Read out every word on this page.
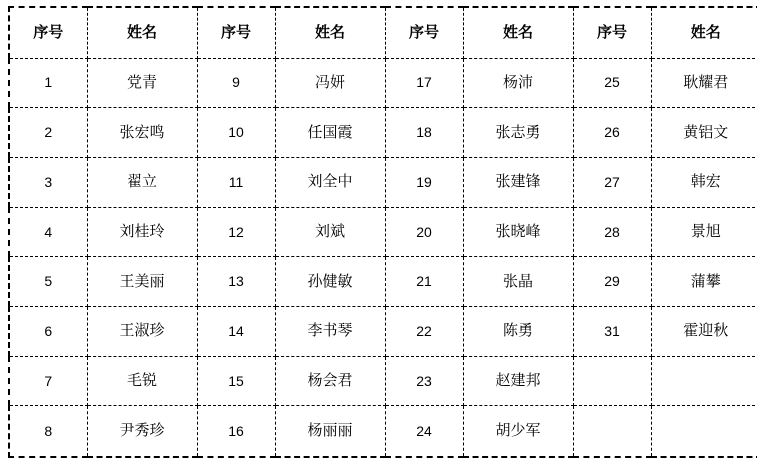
序号	姓名	序号	姓名	序号	姓名	序号	姓名
1	党青	9	冯妍	17	杨沛	25	耿耀君
2	张宏鸣	10	任国霞	18	张志勇	26	黄铝文
3	翟立	11	刘全中	19	张建锋	27	韩宏
4	刘桂玲	12	刘斌	20	张晓峰	28	景旭
5	王美丽	13	孙健敏	21	张晶	29	蒲攀
6	王淑珍	14	李书琴	22	陈勇	31	霍迎秋
7	毛锐	15	杨会君	23	赵建邦		
8	尹秀珍	16	杨丽丽	24	胡少军		
